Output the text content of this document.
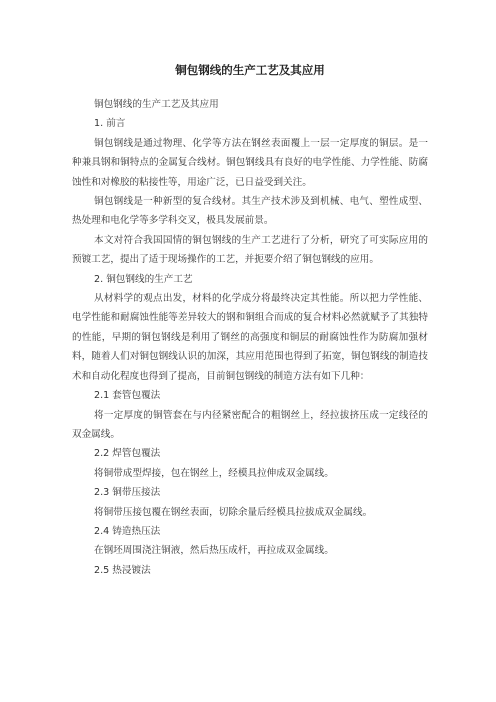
铜包钢线的生产工艺及其应用

铜包钢线的生产工艺及其应用

1. 前言

铜包钢线是通过物理、化学等方法在钢丝表面覆上一层一定厚度的铜层。是一种兼具钢和铜特点的金属复合线材。铜包钢线具有良好的电学性能、力学性能、防腐蚀性和对橡胶的粘接性等，用途广泛，已日益受到关注。

铜包钢线是一种新型的复合线材。其生产技术涉及到机械、电气、塑性成型、热处理和电化学等多学科交叉，极具发展前景。

本文对符合我国国情的铜包钢线的生产工艺进行了分析，研究了可实际应用的预镀工艺，提出了适于现场操作的工艺，并扼要介绍了铜包钢线的应用。

2. 铜包钢线的生产工艺

从材料学的观点出发，材料的化学成分将最终决定其性能。所以把力学性能、电学性能和耐腐蚀性能等差异较大的钢和铜组合而成的复合材料必然就赋予了其独特的性能，早期的铜包钢线是利用了钢丝的高强度和铜层的耐腐蚀性作为防腐加强材料，随着人们对铜包钢线认识的加深，其应用范围也得到了拓宽，铜包钢线的制造技术和自动化程度也得到了提高，目前铜包钢线的制造方法有如下几种：

2.1 套管包覆法

将一定厚度的铜管套在与内径紧密配合的粗钢丝上，经拉拔挤压成一定线径的双金属线。

2.2 焊管包覆法

将铜带成型焊接，包在钢丝上，经模具拉伸成双金属线。

2.3 铜带压接法

将铜带压接包覆在钢丝表面，切除余量后经模具拉拔成双金属线。

2.4 铸造热压法

在钢坯周围浇注铜液，然后热压成杆，再拉成双金属线。

2.5 热浸镀法
